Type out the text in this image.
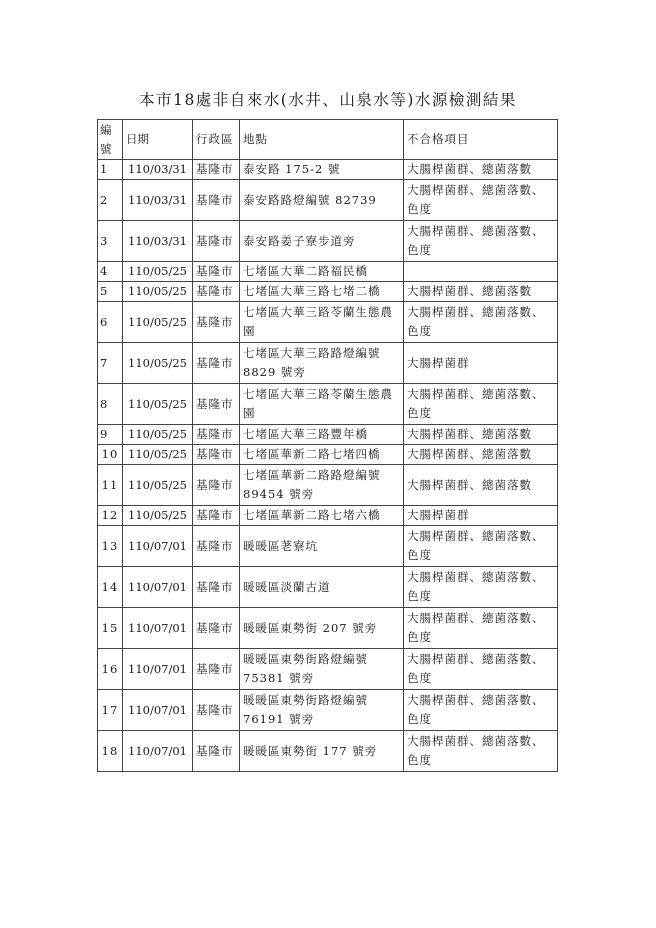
本市18處非自來水(水井、山泉水等)水源檢測結果
編號	日期	行政區	地點	不合格項目
1	110/03/31	基隆市	泰安路 175-2 號	大腸桿菌群、總菌落數
2	110/03/31	基隆市	泰安路路燈編號 82739	大腸桿菌群、總菌落數、色度
3	110/03/31	基隆市	泰安路姜子寮步道旁	大腸桿菌群、總菌落數、色度
4	110/05/25	基隆市	七堵區大華二路福民橋	
5	110/05/25	基隆市	七堵區大華三路七堵二橋	大腸桿菌群、總菌落數
6	110/05/25	基隆市	七堵區大華三路苓蘭生態農園	大腸桿菌群、總菌落數、色度
7	110/05/25	基隆市	七堵區大華三路路燈編號 8829 號旁	大腸桿菌群
8	110/05/25	基隆市	七堵區大華三路苓蘭生態農園	大腸桿菌群、總菌落數、色度
9	110/05/25	基隆市	七堵區大華三路豐年橋	大腸桿菌群、總菌落數
10	110/05/25	基隆市	七堵區華新二路七堵四橋	大腸桿菌群、總菌落數
11	110/05/25	基隆市	七堵區華新二路路燈編號 89454 號旁	大腸桿菌群、總菌落數
12	110/05/25	基隆市	七堵區華新二路七堵六橋	大腸桿菌群
13	110/07/01	基隆市	暖暖區荖寮坑	大腸桿菌群、總菌落數、色度
14	110/07/01	基隆市	暖暖區淡蘭古道	大腸桿菌群、總菌落數、色度
15	110/07/01	基隆市	暖暖區東勢街 207 號旁	大腸桿菌群、總菌落數、色度
16	110/07/01	基隆市	暖暖區東勢街路燈編號 75381 號旁	大腸桿菌群、總菌落數、色度
17	110/07/01	基隆市	暖暖區東勢街路燈編號 76191 號旁	大腸桿菌群、總菌落數、色度
18	110/07/01	基隆市	暖暖區東勢街 177 號旁	大腸桿菌群、總菌落數、色度
